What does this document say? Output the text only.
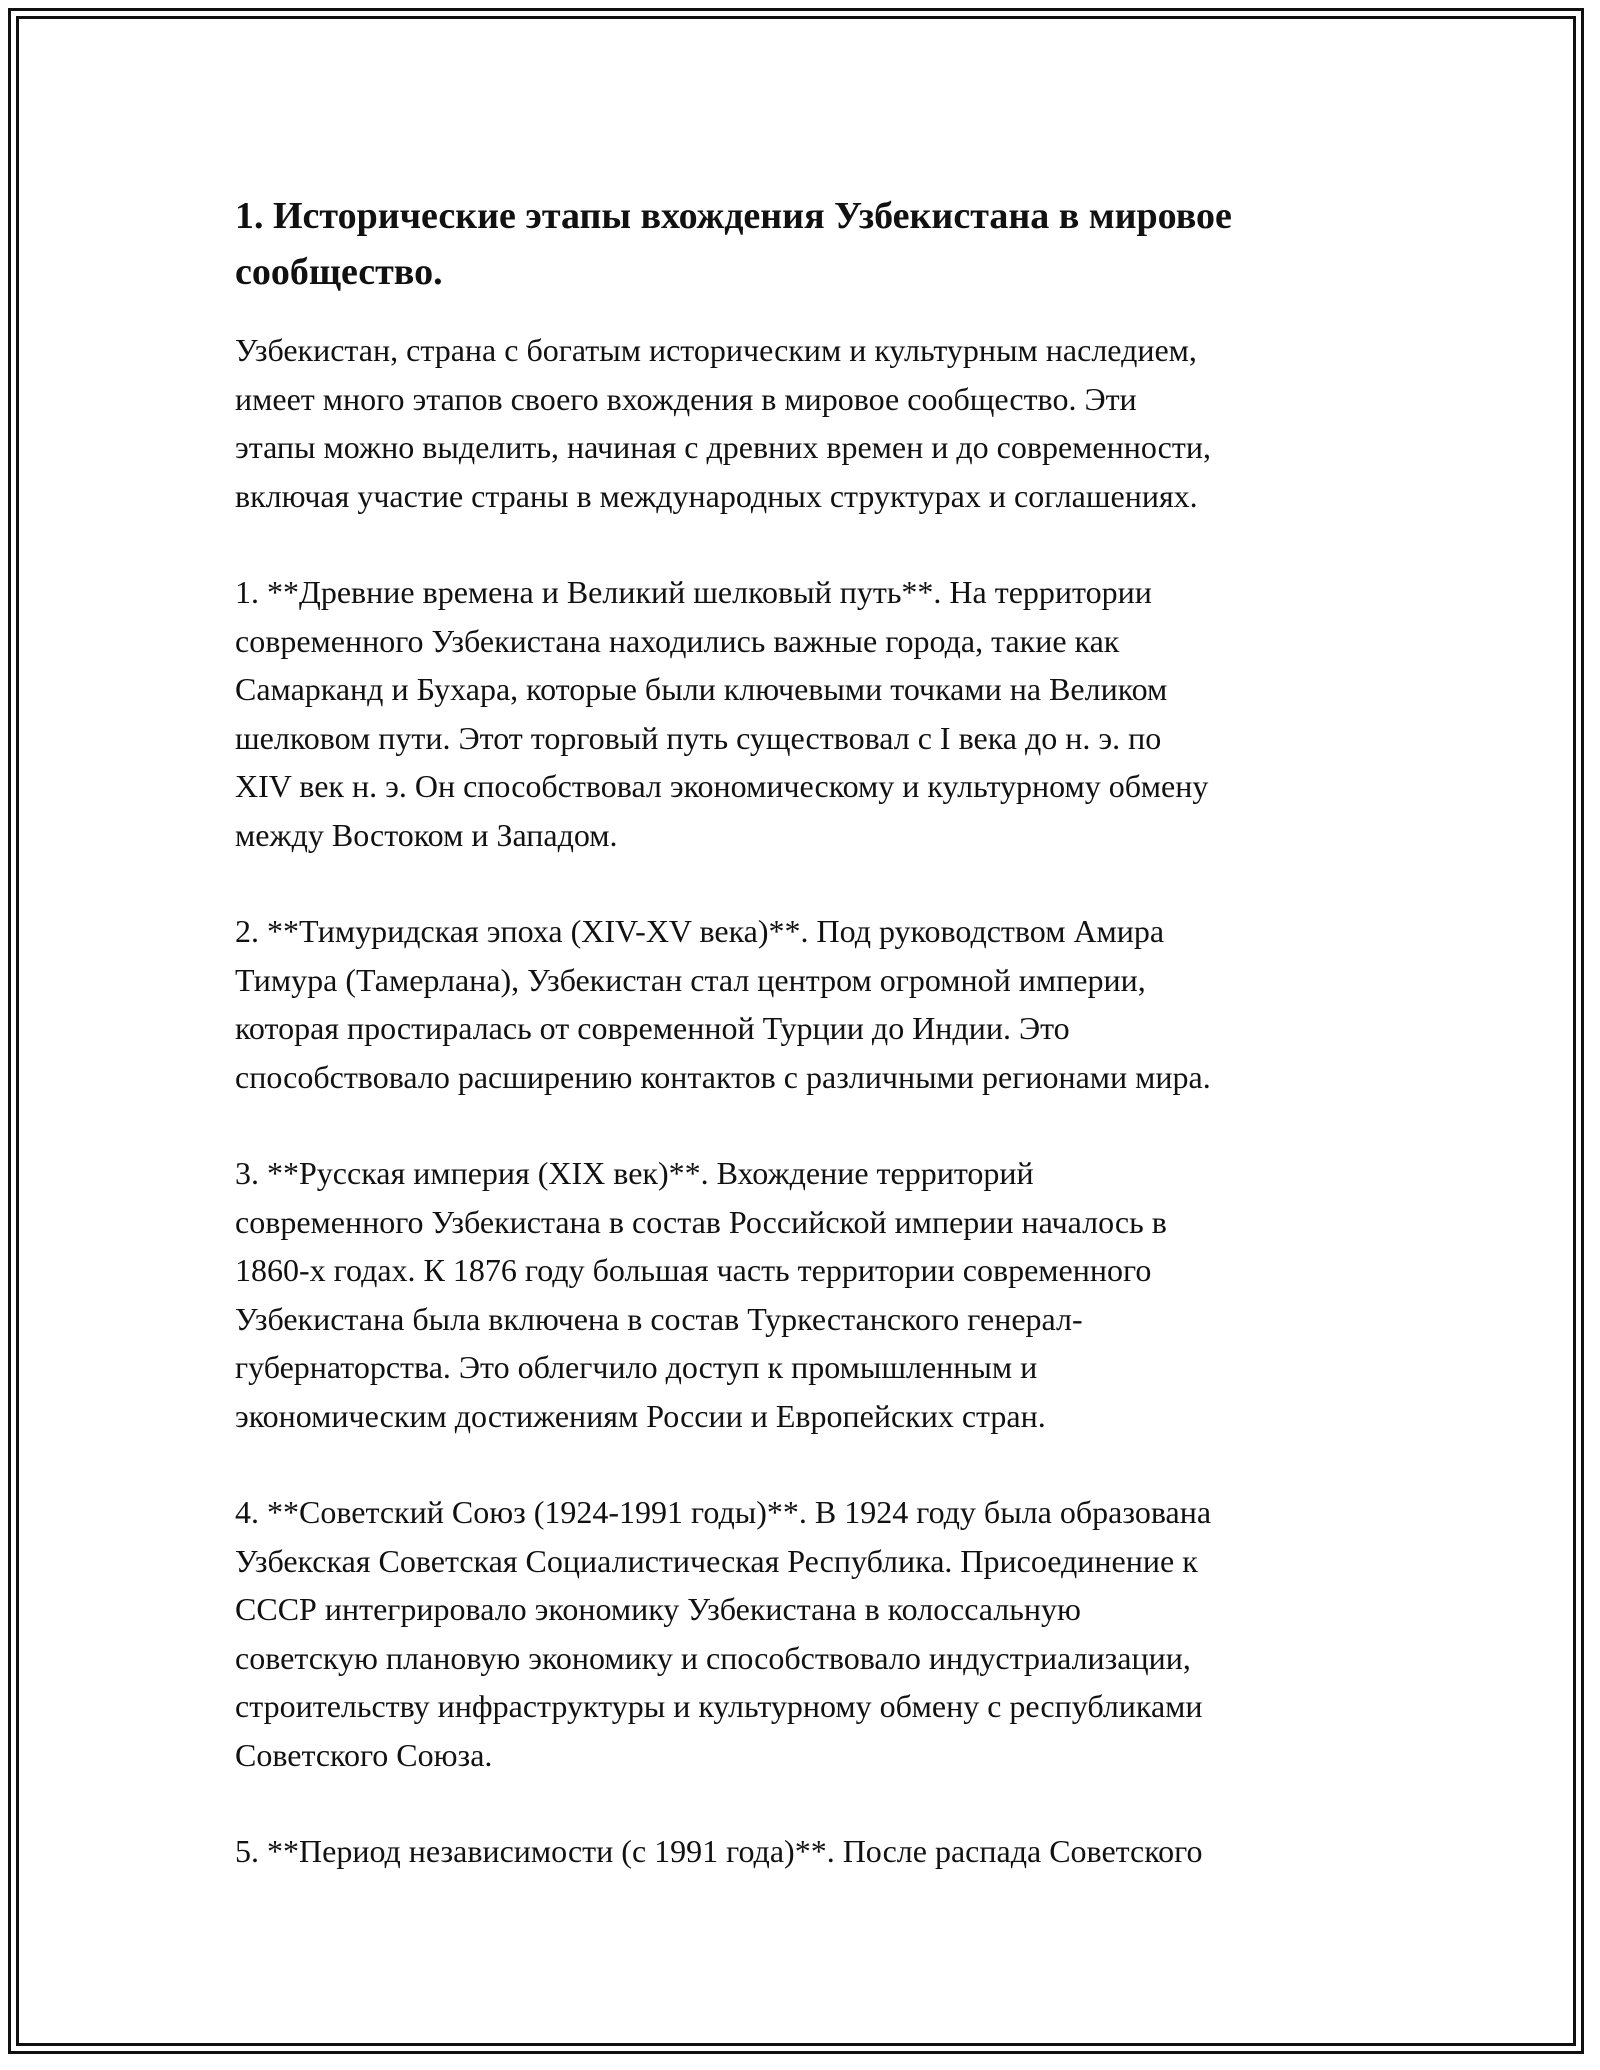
1. Исторические этапы вхождения Узбекистана в мировое
сообщество.

Узбекистан, страна с богатым историческим и культурным наследием,
имеет много этапов своего вхождения в мировое сообщество. Эти
этапы можно выделить, начиная с древних времен и до современности,
включая участие страны в международных структурах и соглашениях.

1. **Древние времена и Великий шелковый путь**. На территории
современного Узбекистана находились важные города, такие как
Самарканд и Бухара, которые были ключевыми точками на Великом
шелковом пути. Этот торговый путь существовал с I века до н. э. по
XIV век н. э. Он способствовал экономическому и культурному обмену
между Востоком и Западом.

2. **Тимуридская эпоха (XIV-XV века)**. Под руководством Амира
Тимура (Тамерлана), Узбекистан стал центром огромной империи,
которая простиралась от современной Турции до Индии. Это
способствовало расширению контактов с различными регионами мира.

3. **Русская империя (XIX век)**. Вхождение территорий
современного Узбекистана в состав Российской империи началось в
1860-х годах. К 1876 году большая часть территории современного
Узбекистана была включена в состав Туркестанского генерал-
губернаторства. Это облегчило доступ к промышленным и
экономическим достижениям России и Европейских стран.

4. **Советский Союз (1924-1991 годы)**. В 1924 году была образована
Узбекская Советская Социалистическая Республика. Присоединение к
СССР интегрировало экономику Узбекистана в колоссальную
советскую плановую экономику и способствовало индустриализации,
строительству инфраструктуры и культурному обмену с республиками
Советского Союза.

5. **Период независимости (с 1991 года)**. После распада Советского
